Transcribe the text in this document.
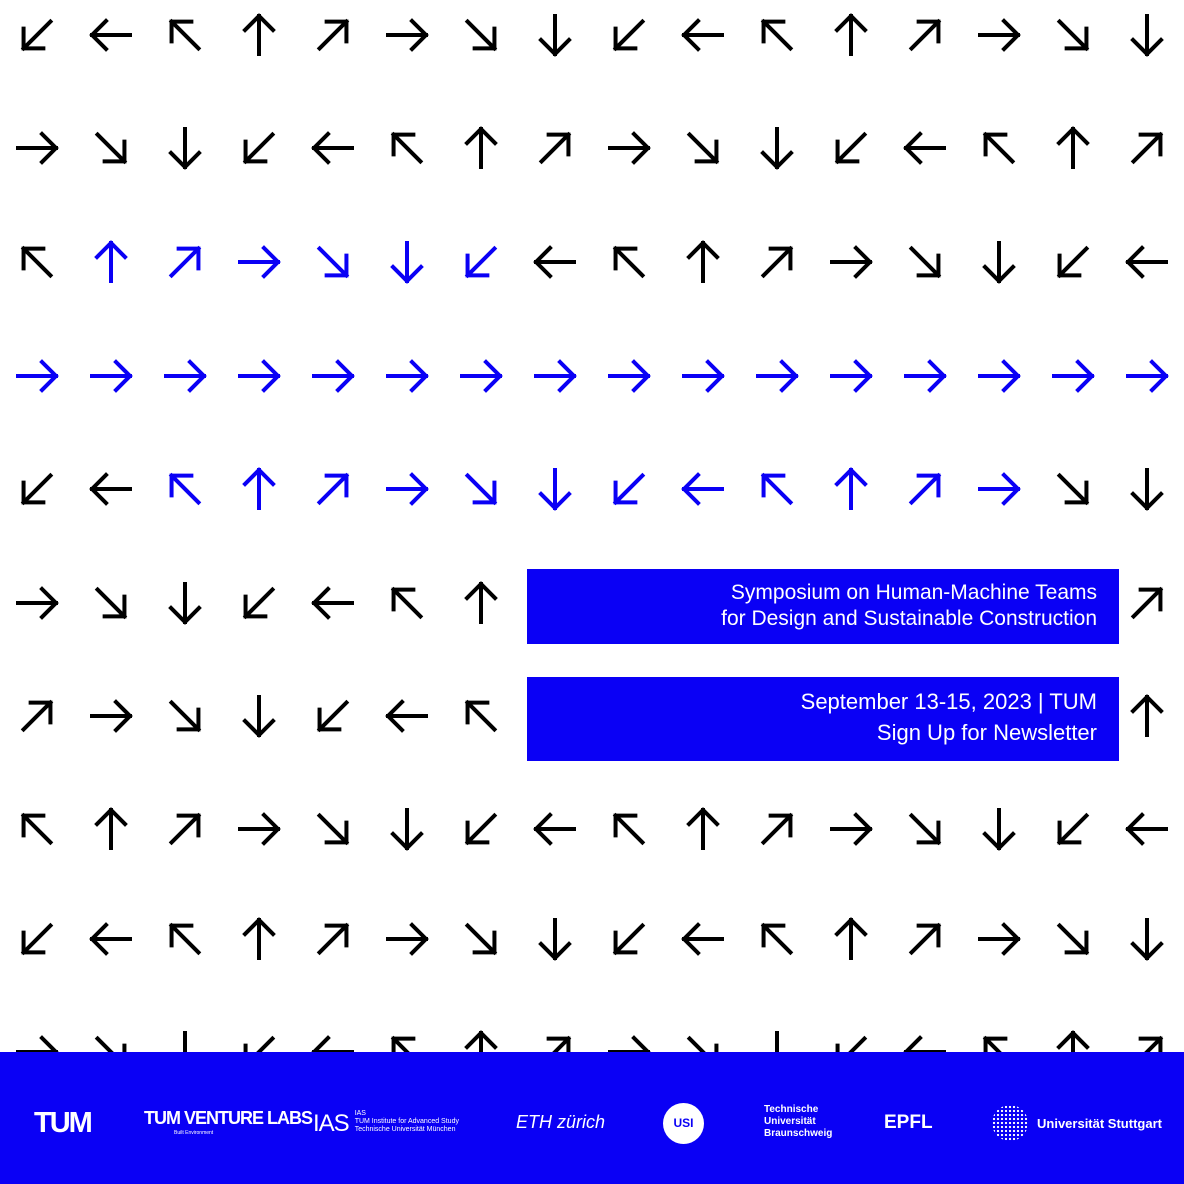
Symposium on Human-Machine Teams
for Design and Sustainable Construction
September 13-15, 2023 | TUM
Sign Up for Newsletter
TUM	TUM VENTURE LABS
Built Environment	IAS IAS
TUM Institute for Advanced Study
Technische Universität München	ETH zürich	USI
Technische
Universität
Braunschweig
EPFL	Universität Stuttgart
